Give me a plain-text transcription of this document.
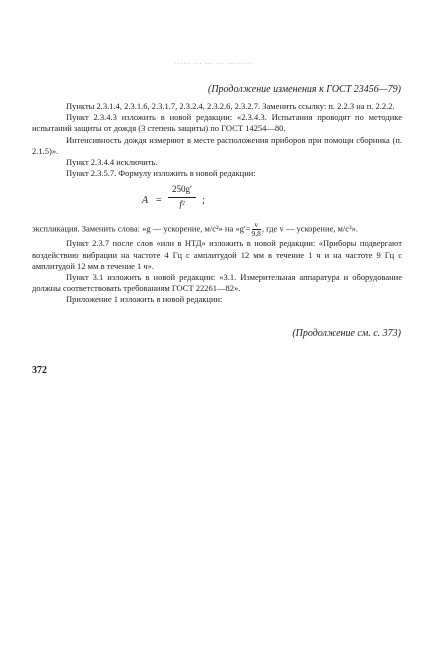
…… … … … ………
(Продолжение изменения к ГОСТ 23456—79)

Пункты 2.3.1.4, 2.3.1.6, 2.3.1.7, 2.3.2.4, 2.3.2.6, 2.3.2.7. Заменить ссылку: п. 2.2.3 на п. 2.2.2.

Пункт 2.3.4.3 изложить в новой редакции: «2.3.4.3. Испытания проводят по методике испытаний защиты от дождя (3 степень защиты) по ГОСТ 14254—80.

Интенсивность дождя измеряют в месте расположения приборов при помощи сборника (п. 2.1.5)».

Пункт 2.3.4.4 исключить.

Пункт 2.3.5.7. Формулу изложить в новой редакции:

A =
250g′
f²	;

экспликация. Заменить слова: «g — ускорение, м/с²» на «$g'=\frac{v}{9,8}$, где v — ускорение, м/с²».

Пункт 2.3.7 после слов «или в НТД» изложить в новой редакции: «Приборы подвергают воздействию вибрации на частоте 4 Гц с амплитудой 12 мм в течение 1 ч и на частоте 9 Гц с амплитудой 12 мм в течение 1 ч».

Пункт 3.1 изложить в новой редакции: «3.1. Измерительная аппаратура и оборудование должны соответствовать требованиям ГОСТ 22261—82».

Приложение 1 изложить в новой редакции:

(Продолжение см. с. 373)
372
